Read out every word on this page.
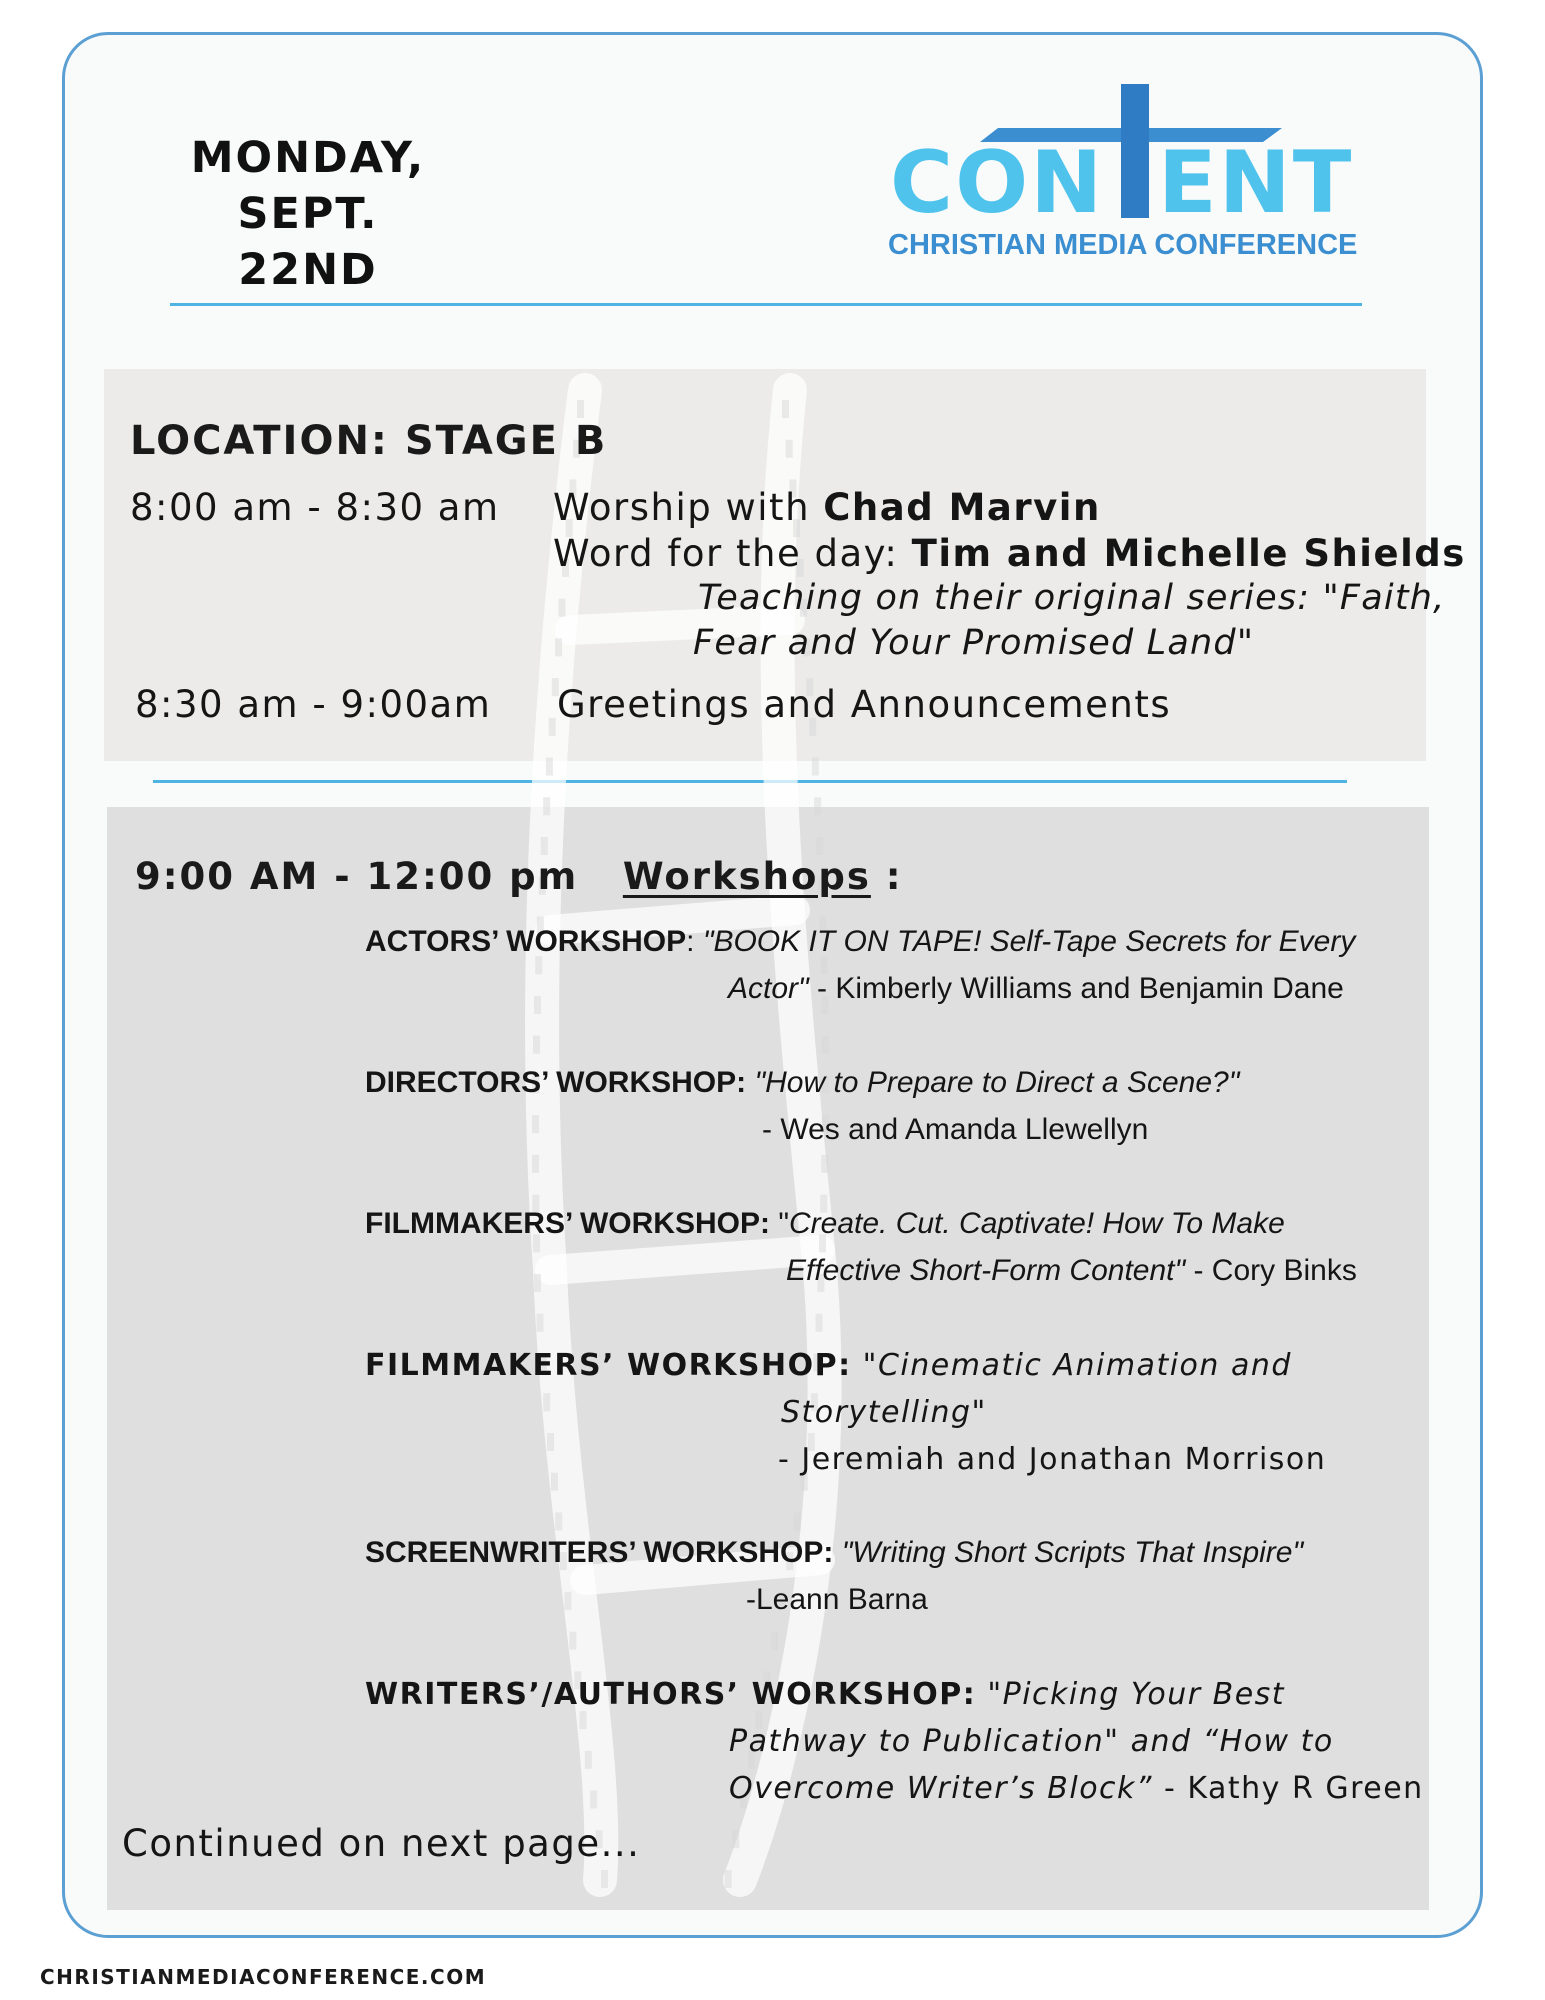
MONDAY,
SEPT. 22ND
CON ENT
CHRISTIAN MEDIA CONFERENCE
LOCATION: STAGE B
8:00 am - 8:30 am Worship with Chad Marvin
Word for the day: Tim and Michelle Shields
Teaching on their original series: "Faith,
Fear and Your Promised Land"
8:30 am - 9:00am Greetings and Announcements
9:00 AM - 12:00 pm Workshops :
ACTORS’ WORKSHOP: "BOOK IT ON TAPE! Self-Tape Secrets for Every
Actor" - Kimberly Williams and Benjamin Dane
DIRECTORS’ WORKSHOP: "How to Prepare to Direct a Scene?"
- Wes and Amanda Llewellyn
FILMMAKERS’ WORKSHOP: "Create. Cut. Captivate! How To Make
Effective Short-Form Content" - Cory Binks
FILMMAKERS’ WORKSHOP: "Cinematic Animation and
Storytelling"
- Jeremiah and Jonathan Morrison
SCREENWRITERS’ WORKSHOP: "Writing Short Scripts That Inspire"
-Leann Barna
WRITERS’/AUTHORS’ WORKSHOP: "Picking Your Best
Pathway to Publication" and “How to
Overcome Writer’s Block” - Kathy R Green
Continued on next page...
CHRISTIANMEDIACONFERENCE.COM
